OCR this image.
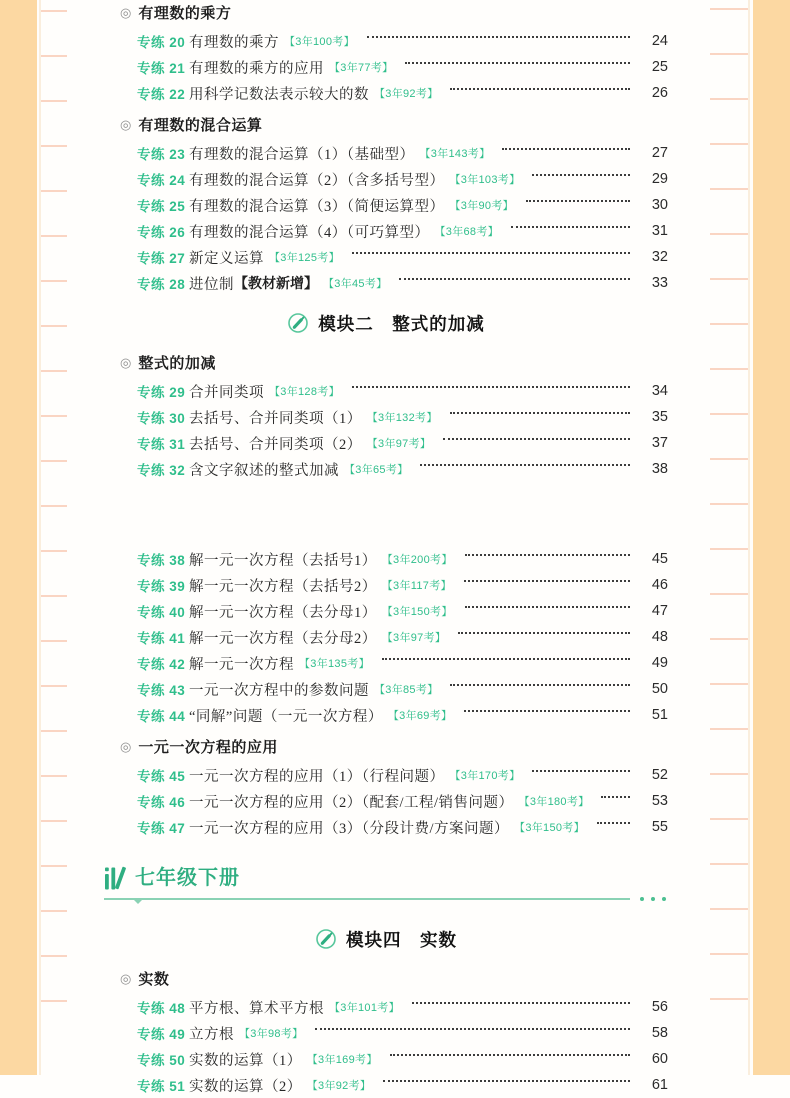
◎ 有理数的乘方
专练 20 有理数的乘方 【3年100考】	24
专练 21 有理数的乘方的应用 【3年77考】	25
专练 22 用科学记数法表示较大的数 【3年92考】	26
◎ 有理数的混合运算
专练 23 有理数的混合运算（1）（基础型） 【3年143考】	27
专练 24 有理数的混合运算（2）（含多括号型） 【3年103考】	29
专练 25 有理数的混合运算（3）（简便运算型） 【3年90考】	30
专练 26 有理数的混合运算（4）（可巧算型） 【3年68考】	31
专练 27 新定义运算 【3年125考】	32
专练 28 进位制 【教材新增】 【3年45考】	33
模块二　整式的加减
◎ 整式的加减
专练 29 合并同类项 【3年128考】	34
专练 30 去括号、合并同类项（1） 【3年132考】	35
专练 31 去括号、合并同类项（2） 【3年97考】	37
专练 32 含文字叙述的整式加减 【3年65考】	38
专练 38 解一元一次方程（去括号1） 【3年200考】	45
专练 39 解一元一次方程（去括号2） 【3年117考】	46
专练 40 解一元一次方程（去分母1） 【3年150考】	47
专练 41 解一元一次方程（去分母2） 【3年97考】	48
专练 42 解一元一次方程 【3年135考】	49
专练 43 一元一次方程中的参数问题 【3年85考】	50
专练 44 “同解”问题（一元一次方程） 【3年69考】	51
◎ 一元一次方程的应用
专练 45 一元一次方程的应用（1）（行程问题） 【3年170考】	52
专练 46 一元一次方程的应用（2）（配套/工程/销售问题） 【3年180考】	53
专练 47 一元一次方程的应用（3）（分段计费/方案问题） 【3年150考】	55
七年级下册
模块四　实数
◎ 实数
专练 48 平方根、算术平方根 【3年101考】	56
专练 49 立方根 【3年98考】	58
专练 50 实数的运算（1） 【3年169考】	60
专练 51 实数的运算（2） 【3年92考】	61
